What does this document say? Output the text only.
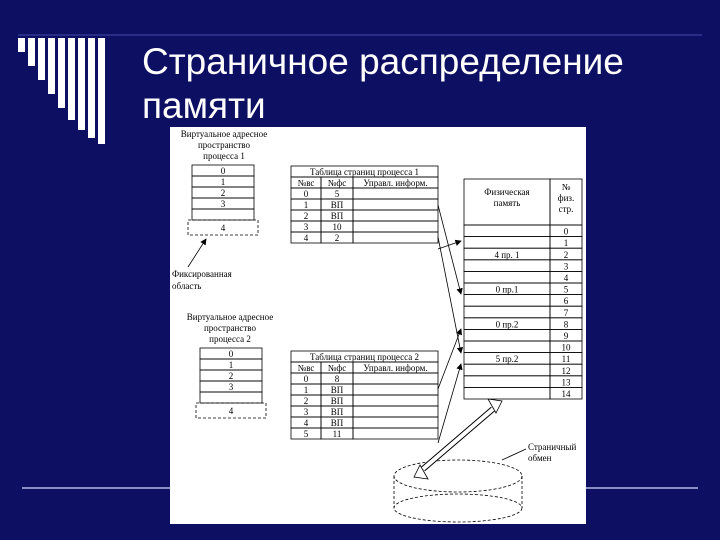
Страничное распределение
памяти
Виртуальное адресное
пространство
процесса 1
0
1
2
3
4
Виртуальное адресное
пространство
процесса 2
0
1
2
3
4
Фиксированная
область
Таблица страниц процесса 1
№вс №фс Управл. информ.
0	5
1 ВП
2 ВП
3	10
4	2
Таблица страниц процесса 2
№вс №фс Управл. информ.
0	8
1 ВП
2 ВП
3 ВП
4 ВП
5	11
Физическая
память
№
физ.
стр.
0
1
4 пр. 1	2
3
4
0 пр.1	5
6
7
0 пр.2	8
9
10
5 пр.2	11
12
13
14
Страничный
обмен
